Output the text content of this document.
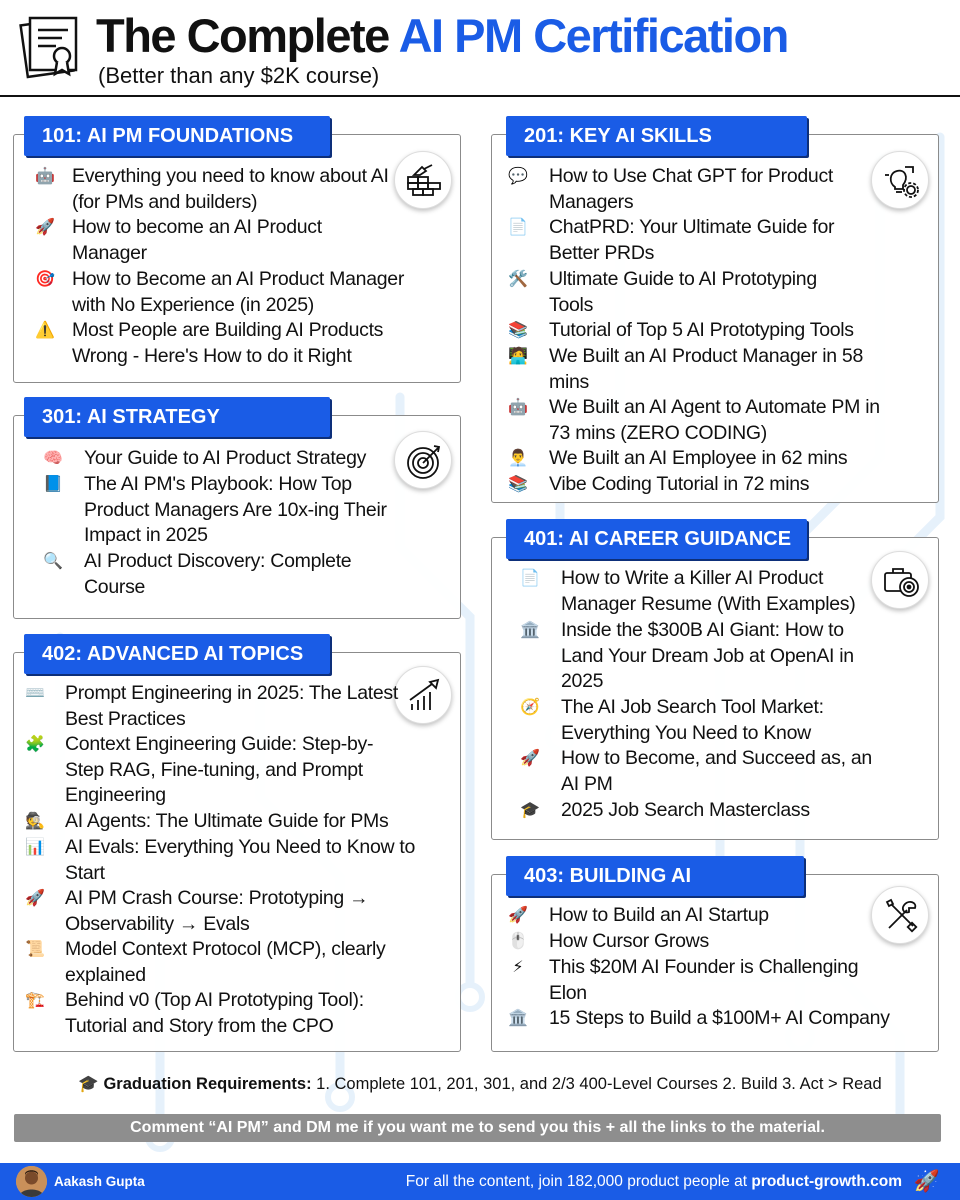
The Complete AI PM Certification
(Better than any $2K course)
101: AI PM FOUNDATIONS
🤖 Everything you need to know about AI (for PMs and builders)
🚀 How to become an AI Product Manager
🎯 How to Become an AI Product Manager with No Experience (in 2025)
⚠️ Most People are Building AI Products Wrong - Here's How to do it Right
201: KEY AI SKILLS
💬	How to Use Chat GPT for Product Managers
📄	ChatPRD: Your Ultimate Guide for Better PRDs
🛠️	Ultimate Guide to AI Prototyping Tools
📚	Tutorial of Top 5 AI Prototyping Tools
🧑‍💻	We Built an AI Product Manager in 58 mins
🤖	We Built an AI Agent to Automate PM in 73 mins (ZERO CODING)
👨‍💼	We Built an AI Employee in 62 mins
📚	Vibe Coding Tutorial in 72 mins
301: AI STRATEGY
🧠	Your Guide to AI Product Strategy
📘	The AI PM's Playbook: How Top Product Managers Are 10x-ing Their Impact in 2025
🔍	AI Product Discovery: Complete Course
401: AI CAREER GUIDANCE
📄	How to Write a Killer AI Product Manager Resume (With Examples)
🏛️	Inside the $300B AI Giant: How to Land Your Dream Job at OpenAI in 2025
🧭	The AI Job Search Tool Market: Everything You Need to Know
🚀	How to Become, and Succeed as, an AI PM
🎓	2025 Job Search Masterclass
402: ADVANCED AI TOPICS
⌨️	Prompt Engineering in 2025: The Latest Best Practices
🧩	Context Engineering Guide: Step-by-Step RAG, Fine-tuning, and Prompt Engineering
🕵️	AI Agents: The Ultimate Guide for PMs
📊	AI Evals: Everything You Need to Know to Start
🚀	AI PM Crash Course: Prototyping → Observability → Evals
📜	Model Context Protocol (MCP), clearly explained
🏗️	Behind v0 (Top AI Prototyping Tool): Tutorial and Story from the CPO
403: BUILDING AI
🚀	How to Build an AI Startup
🖱️	How Cursor Grows
⚡	This $20M AI Founder is Challenging Elon
🏛️	15 Steps to Build a $100M+ AI Company
🎓 Graduation Requirements: 1. Complete 101, 201, 301, and 2/3 400-Level Courses 2. Build 3. Act > Read
Comment “AI PM” and DM me if you want me to send you this + all the links to the material.
Aakash Gupta	For all the content, join 182,000 product people at product-growth.com 🚀
